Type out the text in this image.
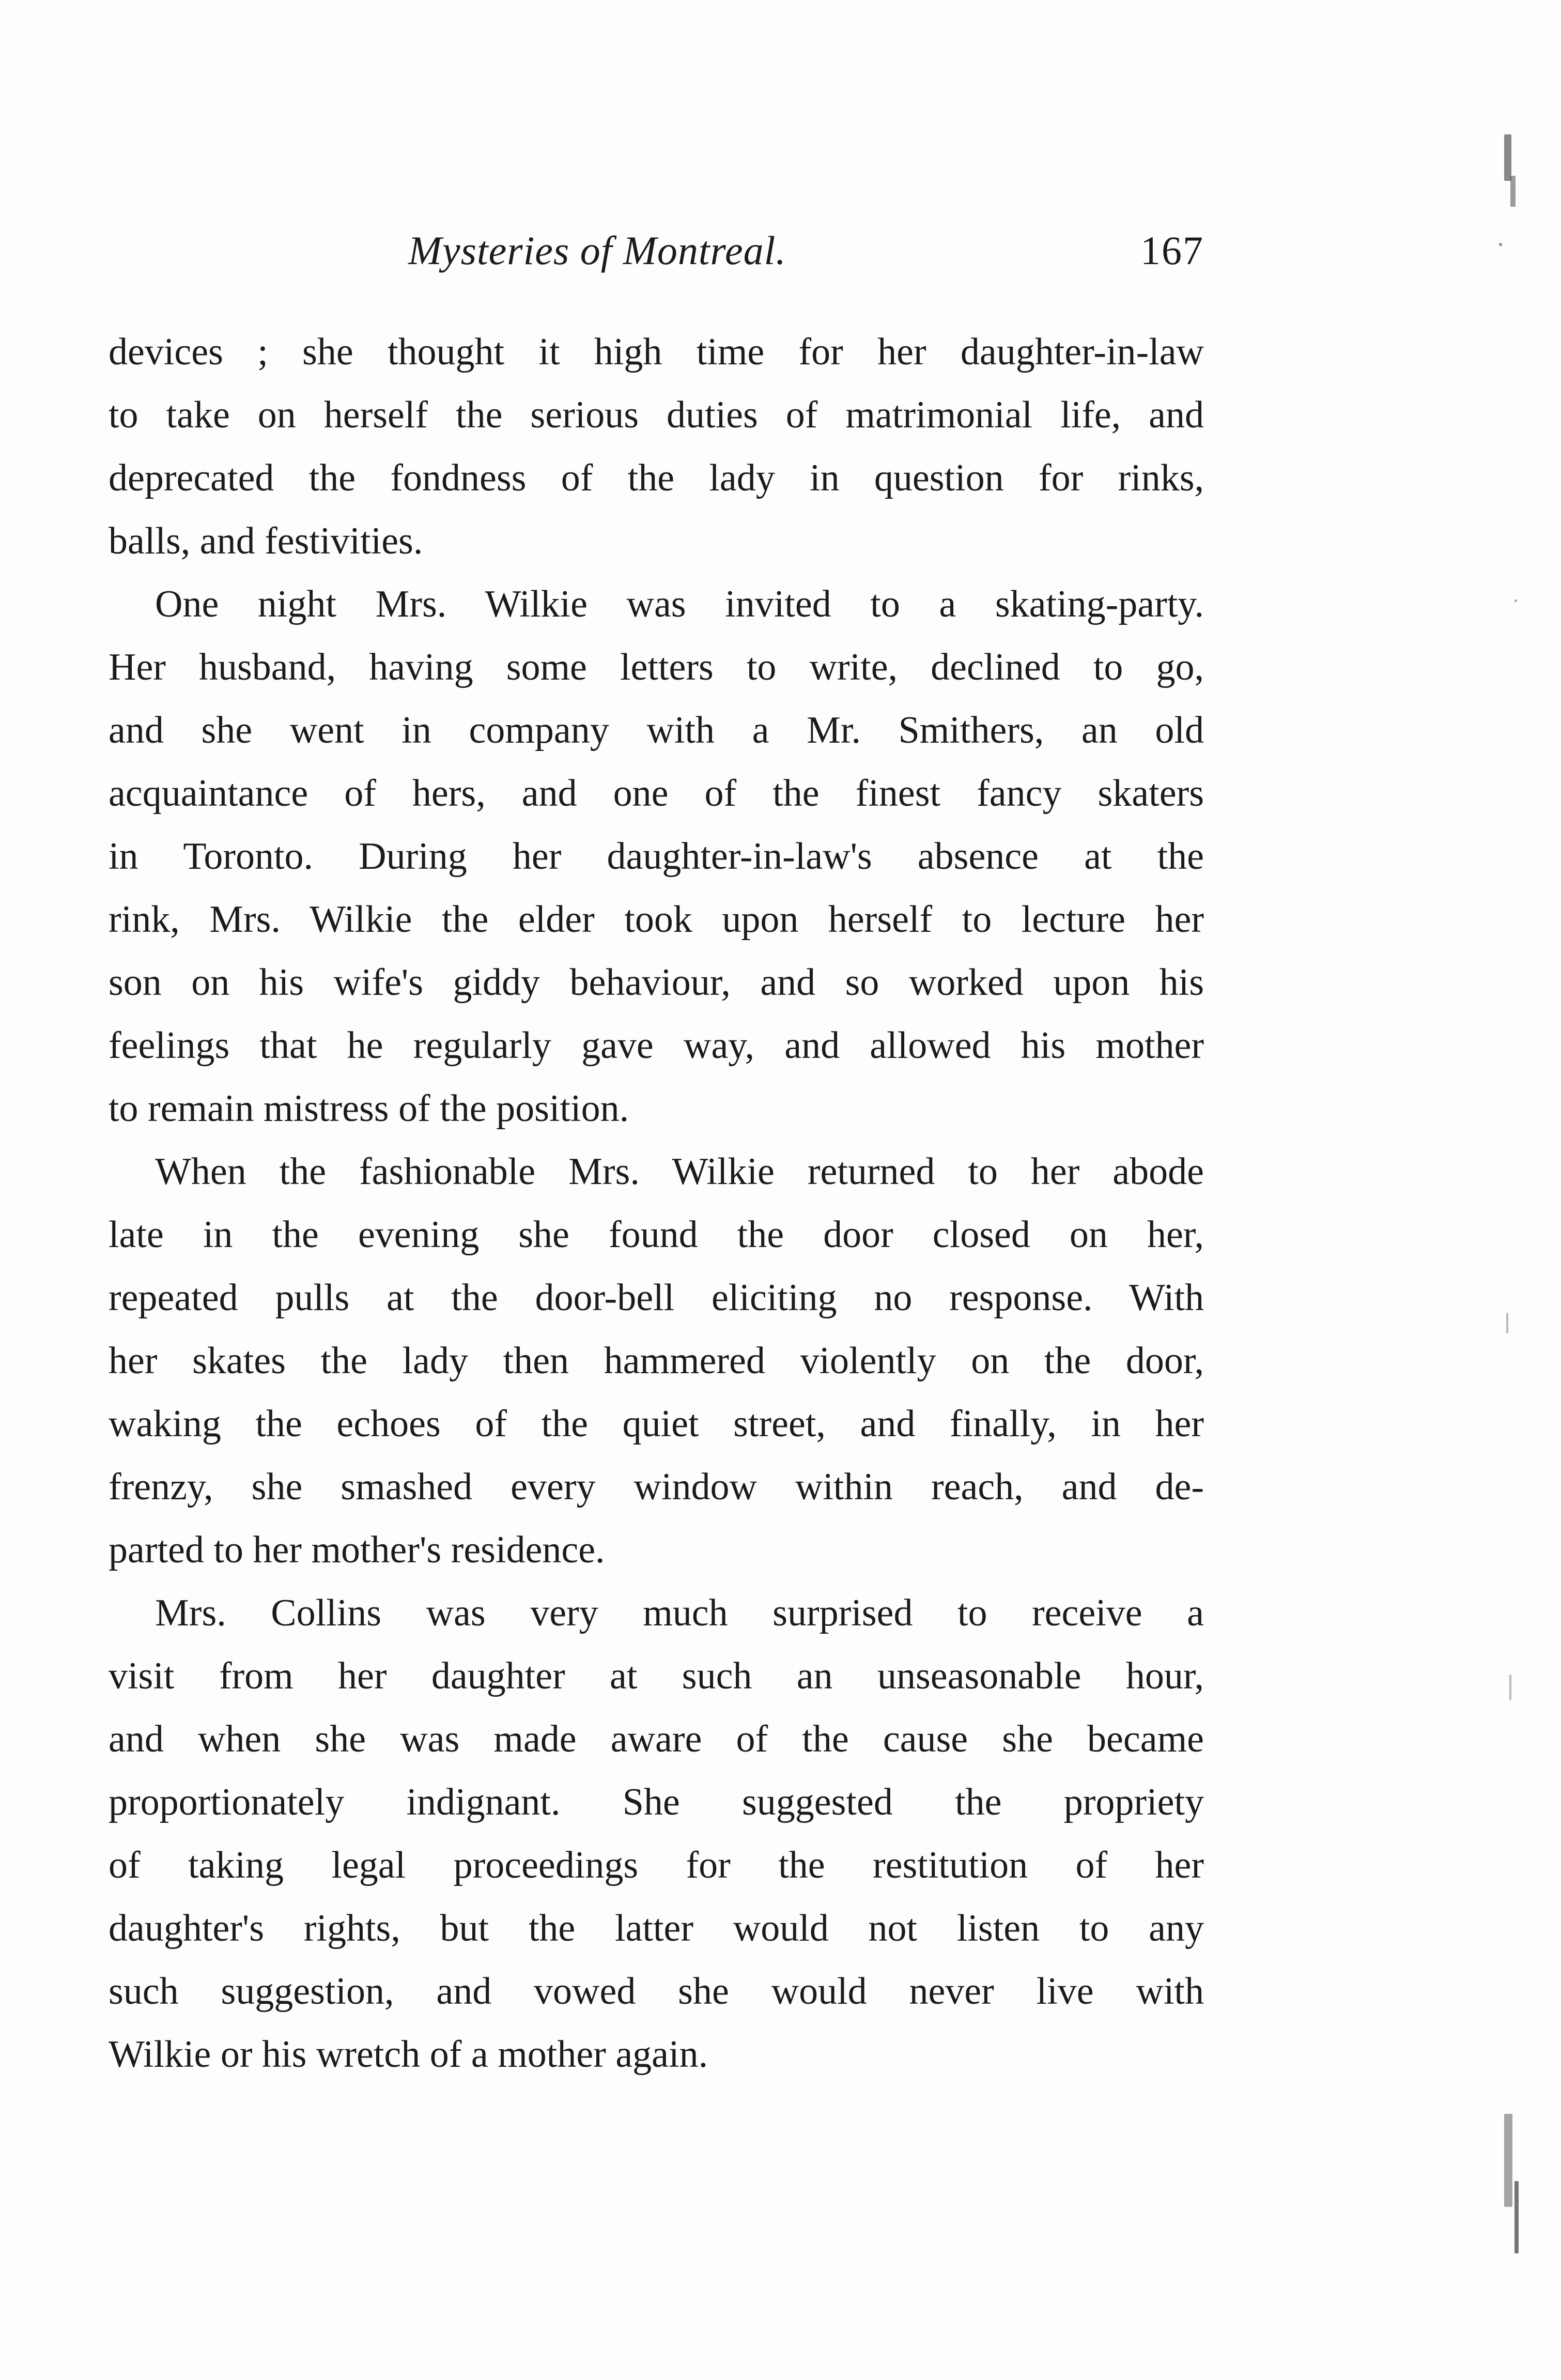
Mysteries of Montreal.	167
devices ; she thought it high time for her daughter-in-law
to take on herself the serious duties of matrimonial life, and
deprecated the fondness of the lady in question for rinks,
balls, and festivities.
One night Mrs. Wilkie was invited to a skating-party.
Her husband, having some letters to write, declined to go,
and she went in company with a Mr. Smithers, an old
acquaintance of hers, and one of the finest fancy skaters
in Toronto. During her daughter-in-law's absence at the
rink, Mrs. Wilkie the elder took upon herself to lecture her
son on his wife's giddy behaviour, and so worked upon his
feelings that he regularly gave way, and allowed his mother
to remain mistress of the position.
When the fashionable Mrs. Wilkie returned to her abode
late in the evening she found the door closed on her,
repeated pulls at the door-bell eliciting no response. With
her skates the lady then hammered violently on the door,
waking the echoes of the quiet street, and finally, in her
frenzy, she smashed every window within reach, and de-
parted to her mother's residence.
Mrs. Collins was very much surprised to receive a
visit from her daughter at such an unseasonable hour,
and when she was made aware of the cause she became
proportionately indignant. She suggested the propriety
of taking legal proceedings for the restitution of her
daughter's rights, but the latter would not listen to any
such suggestion, and vowed she would never live with
Wilkie or his wretch of a mother again.
